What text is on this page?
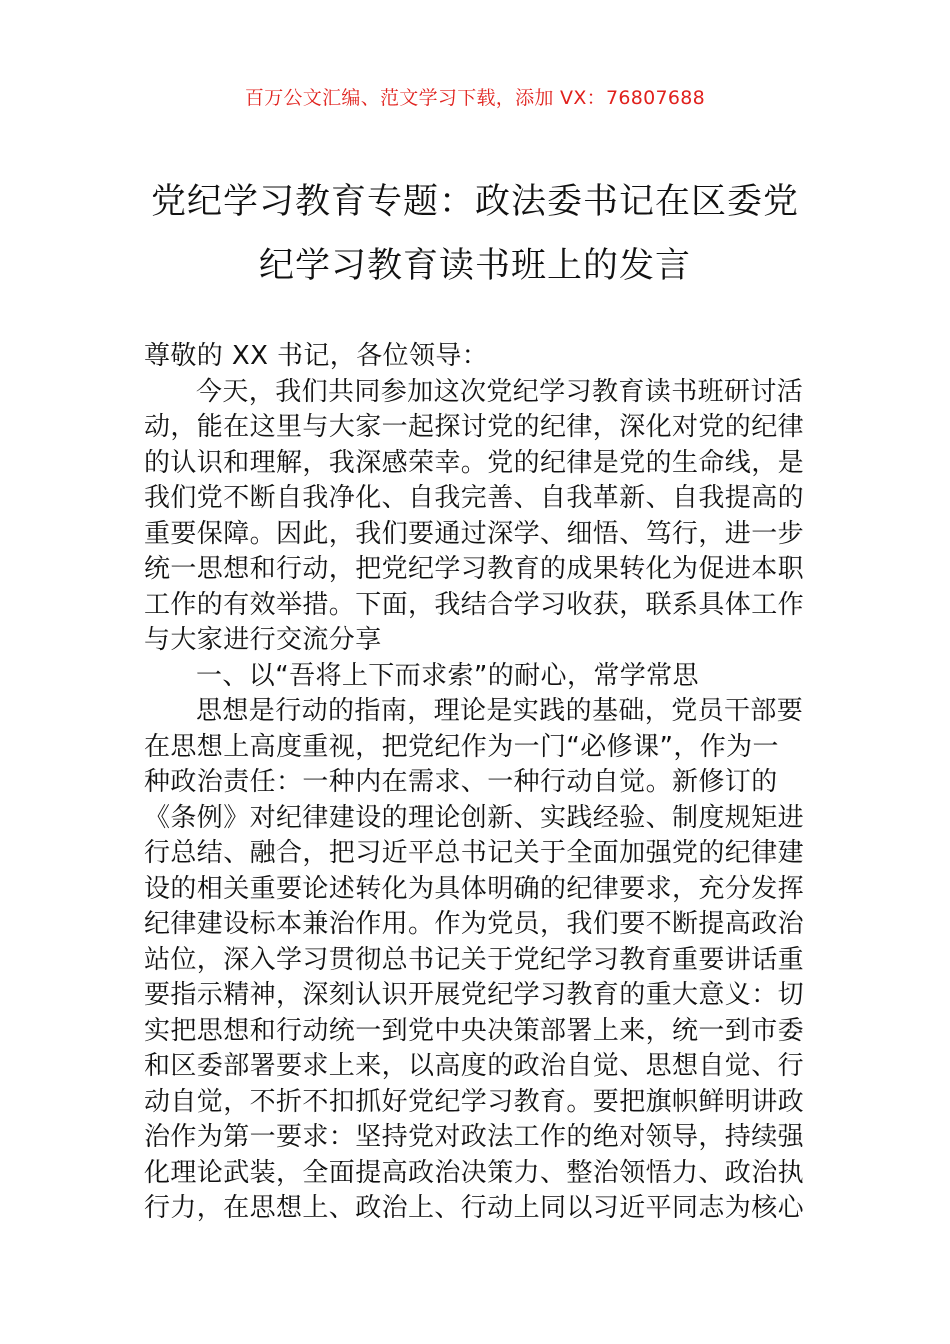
百万公文汇编、范文学习下载，添加 VX：76807688
党纪学习教育专题：政法委书记在区委党
纪学习教育读书班上的发言
尊敬的 XX 书记，各位领导：
今天，我们共同参加这次党纪学习教育读书班研讨活
动，能在这里与大家一起探讨党的纪律，深化对党的纪律
的认识和理解，我深感荣幸。党的纪律是党的生命线，是
我们党不断自我净化、自我完善、自我革新、自我提高的
重要保障。因此，我们要通过深学、细悟、笃行，进一步
统一思想和行动，把党纪学习教育的成果转化为促进本职
工作的有效举措。下面，我结合学习收获，联系具体工作
与大家进行交流分享
一、以“吾将上下而求索”的耐心，常学常思
思想是行动的指南，理论是实践的基础，党员干部要
在思想上高度重视，把党纪作为一门“必修课”，作为一
种政治责任：一种内在需求、一种行动自觉。新修订的
《条例》对纪律建设的理论创新、实践经验、制度规矩进
行总结、融合，把习近平总书记关于全面加强党的纪律建
设的相关重要论述转化为具体明确的纪律要求，充分发挥
纪律建设标本兼治作用。作为党员，我们要不断提高政治
站位，深入学习贯彻总书记关于党纪学习教育重要讲话重
要指示精神，深刻认识开展党纪学习教育的重大意义：切
实把思想和行动统一到党中央决策部署上来，统一到市委
和区委部署要求上来，以高度的政治自觉、思想自觉、行
动自觉，不折不扣抓好党纪学习教育。要把旗帜鲜明讲政
治作为第一要求：坚持党对政法工作的绝对领导，持续强
化理论武装，全面提高政治决策力、整治领悟力、政治执
行力，在思想上、政治上、行动上同以习近平同志为核心
